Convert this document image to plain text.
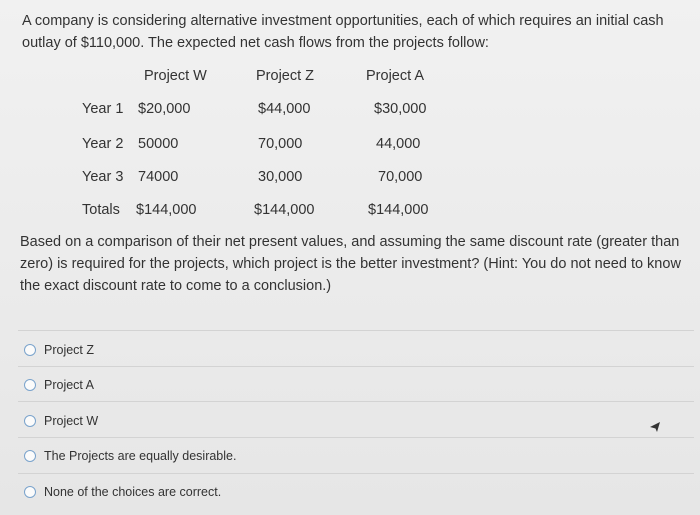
A company is considering alternative investment opportunities, each of which requires an initial cash outlay of $110,000. The expected net cash flows from the projects follow:
Project W	Project Z	Project A
Year 1 $20,000	$44,000	$30,000
Year 2 50000	70,000	44,000
Year 3 74000	30,000	70,000
Totals $144,000	$144,000	$144,000
Based on a comparison of their net present values, and assuming the same discount rate (greater than zero) is required for the projects, which project is the better investment? (Hint: You do not need to know the exact discount rate to come to a conclusion.)
Project Z
Project A
Project W
The Projects are equally desirable.
None of the choices are correct.
